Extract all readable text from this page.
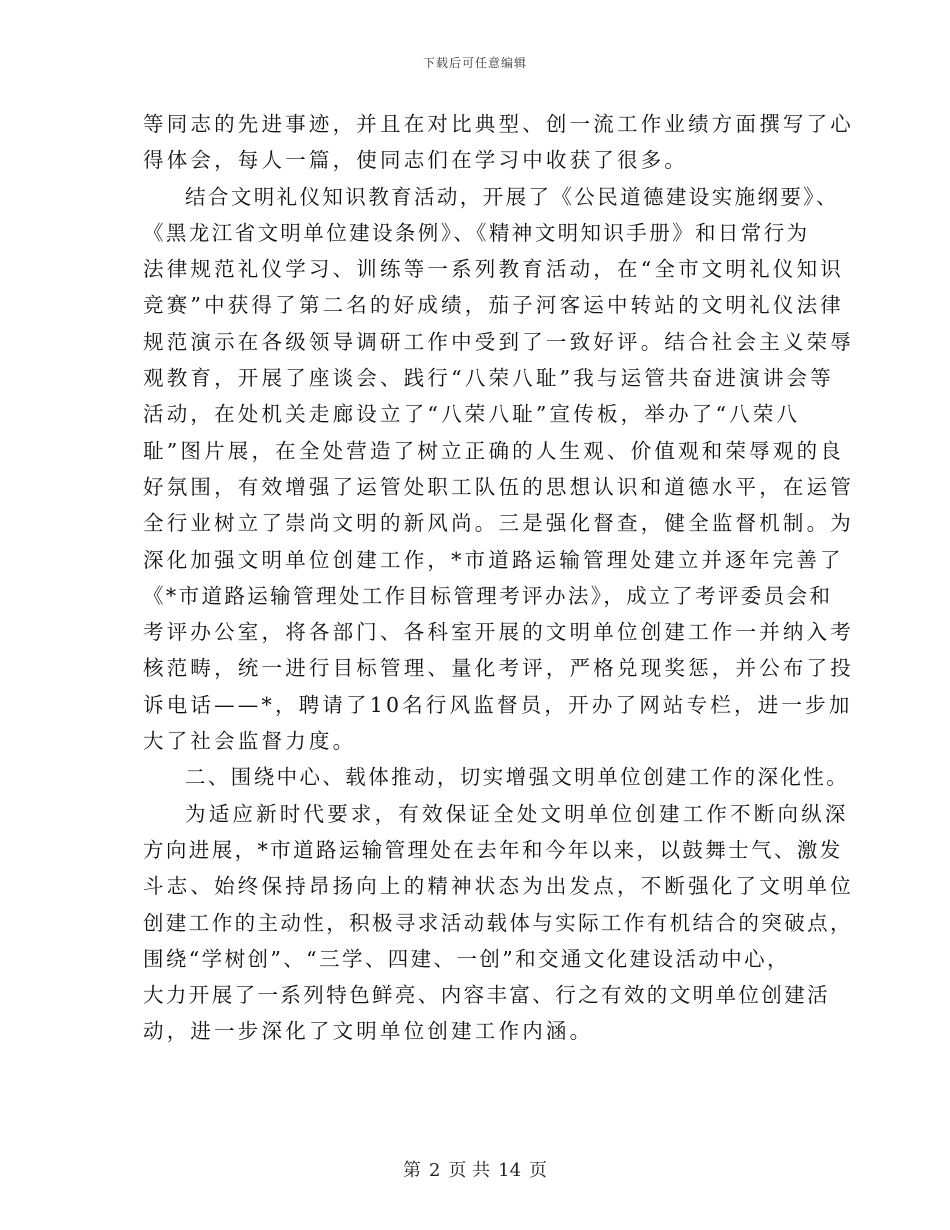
下载后可任意编辑
等同志的先进事迹，并且在对比典型、创一流工作业绩方面撰写了心
得体会，每人一篇，使同志们在学习中收获了很多。
结合文明礼仪知识教育活动，开展了《公民道德建设实施纲要》、
《黑龙江省文明单位建设条例》、《精神文明知识手册》和日常行为
法律规范礼仪学习、训练等一系列教育活动，在“全市文明礼仪知识
竞赛”中获得了第二名的好成绩，茄子河客运中转站的文明礼仪法律
规范演示在各级领导调研工作中受到了一致好评。结合社会主义荣辱
观教育，开展了座谈会、践行“八荣八耻”我与运管共奋进演讲会等
活动，在处机关走廊设立了“八荣八耻”宣传板，举办了“八荣八
耻”图片展，在全处营造了树立正确的人生观、价值观和荣辱观的良
好氛围，有效增强了运管处职工队伍的思想认识和道德水平，在运管
全行业树立了崇尚文明的新风尚。三是强化督查，健全监督机制。为
深化加强文明单位创建工作，*市道路运输管理处建立并逐年完善了
《*市道路运输管理处工作目标管理考评办法》，成立了考评委员会和
考评办公室，将各部门、各科室开展的文明单位创建工作一并纳入考
核范畴，统一进行目标管理、量化考评，严格兑现奖惩，并公布了投
诉电话——*，聘请了10名行风监督员，开办了网站专栏，进一步加
大了社会监督力度。
二、围绕中心、载体推动，切实增强文明单位创建工作的深化性。
为适应新时代要求，有效保证全处文明单位创建工作不断向纵深
方向进展，*市道路运输管理处在去年和今年以来，以鼓舞士气、激发
斗志、始终保持昂扬向上的精神状态为出发点，不断强化了文明单位
创建工作的主动性，积极寻求活动载体与实际工作有机结合的突破点，
围绕“学树创”、“三学、四建、一创”和交通文化建设活动中心，
大力开展了一系列特色鲜亮、内容丰富、行之有效的文明单位创建活
动，进一步深化了文明单位创建工作内涵。
第 2 页 共 14 页
